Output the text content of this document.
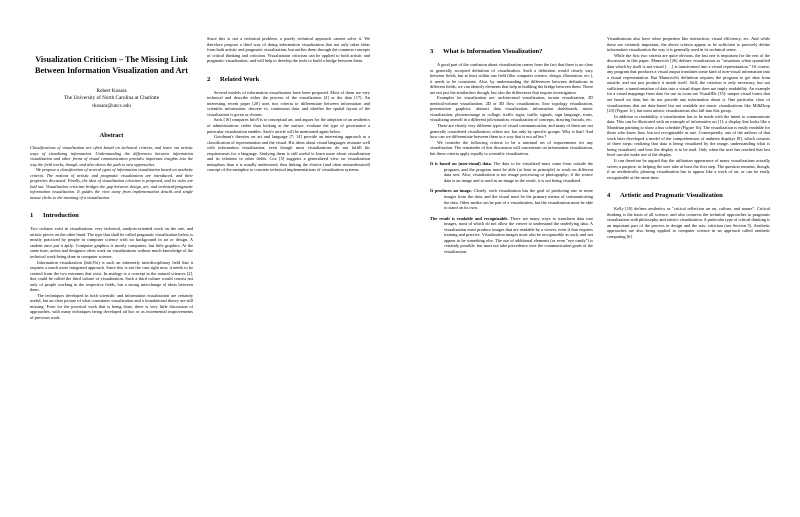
Visualization Criticism – The Missing Link
Between Information Visualization and Art
Robert Kosara
The University of North Carolina at Charlotte
rkosara@uncc.edu
Abstract

Classifications of visualization are often based on technical criteria, and leave out artistic ways of visualizing information. Understanding the differences between information visualization and other forms of visual communication provides important insights into the way the field works, though, and also shows the path to new approaches.

We propose a classification of several types of information visualization based on aesthetic criteria. The notions of artistic and pragmatic visualization are introduced, and their properties discussed. Finally, the idea of visualization criticism is proposed, and its rules are laid out. Visualization criticism bridges the gap between design, art, and technical/pragmatic information visualization. It guides the view away from implementation details and single mouse clicks to the meaning of a visualization.

1	Introduction

Two cultures exist in visualization: very technical, analysis-oriented work on the one, and artistic pieces on the other hand. The type that shall be called pragmatic visualization below is mostly practiced by people in computer science with no background in art or design. A student once put it aptly: Computer graphics is mostly computers, but little graphics. At the same time, artists and designers often work on visualizations without much knowledge of the technical work being done in computer science.

Information visualization (InfoVis) is such an inherently interdisciplinary field that it requires a much more integrated approach. Since this is not the case right now, it needs to be created from the two extremes that exist. In analogy to a concept in the natural sciences [2], this could be called the third culture of visualization. Such a third culture would consist not only of people working in the respective fields, but a strong interchange of ideas between them.

The techniques developed in both scientific and information visualization are certainly useful, but an clear picture of what constitutes visualization and a foundational theory are still missing. Even for the practical work that is being done, there is very little discussion of approaches, with many techniques being developed ad hoc or as incremental improvements of previous work.

Since this is not a technical problem, a purely technical approach cannot solve it. We therefore propose a third way of doing information visualization that not only takes ideas from both artistic and pragmatic visualization, but unifies them through the common concepts of critical thinking and criticism. Visualization criticism can be applied to both artistic and pragmatic visualization, and will help to develop the tools to build a bridge between them.

2	Related Work

Several models of information visualization have been proposed. Most of them are very technical and describe either the process of the visualization [4] or the data [17]. An interesting recent paper [20] uses two criteria to differentiate between information and scientific information: discrete vs. continuous data, and whether the spatial layout of the visualization is given or chosen.

Sack [16] compares InfoVis to conceptual art, and argues for the adoption of an aesthetics of administration: rather than looking at the surface, evaluate the type of governance a particular visualization enables. Sack's article will be mentioned again below.

Goodman's theories on art and language [7, 14] provide an interesting approach to a classification of representation and the visual. His ideas about visual languages resonate well with information visualization, even though most visualizations do not fulfill his requirements for a language. Studying them is still useful to learn more about visualization and its relations to other fields. Cox [5] suggests a generalized view on visualization metaphors than it is usually understood, thus linking the elusive (and often misunderstood) concept of the metaphor to concrete technical implementations of visualization systems.

3	What is Information Visualization?

A good part of the confusion about visualization comes from the fact that there is no clear or generally accepted definition of visualization. Such a definition would clearly vary between fields, but at least within one field (like computer science, design, illustration, etc.), it needs to be consistent. Also, by understanding the differences between definitions in different fields, we can identify elements that help in building the bridge between them. These are not just the similarities though, but also the differences that require investigation.

Examples for visualization are: architectural visualization, terrain visualization, 3D medical/volume visualization, 2D or 3D flow visualization, flow topology visualization, presentation graphics, abstract data visualization, information dashboards, music visualization, photomontage or collage, traffic signs, traffic signals, sign language, icons, visualizing oneself in a different job/situation, visualization of concepts, drawing fractals, etc.

These are clearly very different types of visual communication, and many of them are not generally considered visualization; others are, but only by specific groups. Why is that? And how can we differentiate between them in a way that is not ad hoc?

We consider the following criteria to be a minimal set of requirements for any visualization. The remainder of this discussion will concentrate on information visualization, but these criteria apply equally to scientific visualization.

It is based on (non-visual) data. The data to be visualized must come from outside the program, and the program must be able (at least in principle) to work on different data sets. Also, visualization is not image processing or photography; if the source data is an image and is used as an image in the result, it is not being visualized.
It produces an image. Clearly, each visualization has the goal of producing one or more images from the data, and the visual must be the primary means of communicating the data. Other media can be part of a visualization, but the visualization must be able to stand on its own.
The result is readable and recognizable. There are many ways to transform data into images, most of which do not allow the viewer to understand the underlying data. A visualization must produce images that are readable by a viewer, even if that requires training and practice. Visualization images must also be recognizable as such, and not appear to be something else. The use of additional elements (or even "eye candy") is certainly possible, but must not take precedence over the communication goals of the visualization.

Visualizations also have other properties like interaction, visual efficiency, etc. And while these are certainly important, the above criteria appear to be sufficient to precisely define information visualization the way it is generally used in its technical sense.

While the first two criteria are quite obvious, the last one is important for the rest of the discussion in this paper. Manovich [26] defines visualization as "situations when quantified data which by itself is not visual [. . .] is transformed into a visual representation." Of course, any program that produces a visual output translates some kind of non-visual information into a visual representation. But Manovich's definition requires the program to get data from outside, and not just produce it inside itself. Still, the criterion is only necessary, but not sufficient: a transformation of data into a visual shape does not imply readability. An example for a visual mappings from data for use as icons are VisualIDs [15]: unique visual forms that are based on data, but do not provide any information about it. One particular class of visualizations that are data-based but not readable are music visualizations like MilkDrop [23] (Figure 1c), but most artistic visualizations also fall into this group.

In addition to readability, a visualization has to be made with the intent to communicate data. This can be illustrated with an example of informative art [1]: a display that looks like a Mondrian painting to show a bus schedule (Figure 1b). The visualization is easily readable for those who know how, but not recognizable as one. Consequently, one of the authors of that work later developed a model of the comprehension of ambient displays [8], which consists of three steps: realizing that data is being visualized by the image, understanding what is being visualized, and how the display is to be read. Only when the user has reached that last level can she make use of the display.

It can therefore be argued that the utilitarian appearance of many visualizations actually serves a purpose, in helping the user take at least the first step. The question remains, though, if an aesthetically pleasing visualization has to appear like a work of art, or can be easily recognizable at the same time.

4	Artistic and Pragmatic Visualization

Kelly [10] defines aesthetics as "critical reflection on art, culture, and nature". Critical thinking is the basis of all science, and also connects the technical approaches to pragmatic visualization with philosophy and artistic visualization. A particular type of critical thinking is an important part of the process in design and the arts: criticism (see Section 5). Aesthetic approaches are also being applied to computer science in an approach called aesthetic computing [6].
